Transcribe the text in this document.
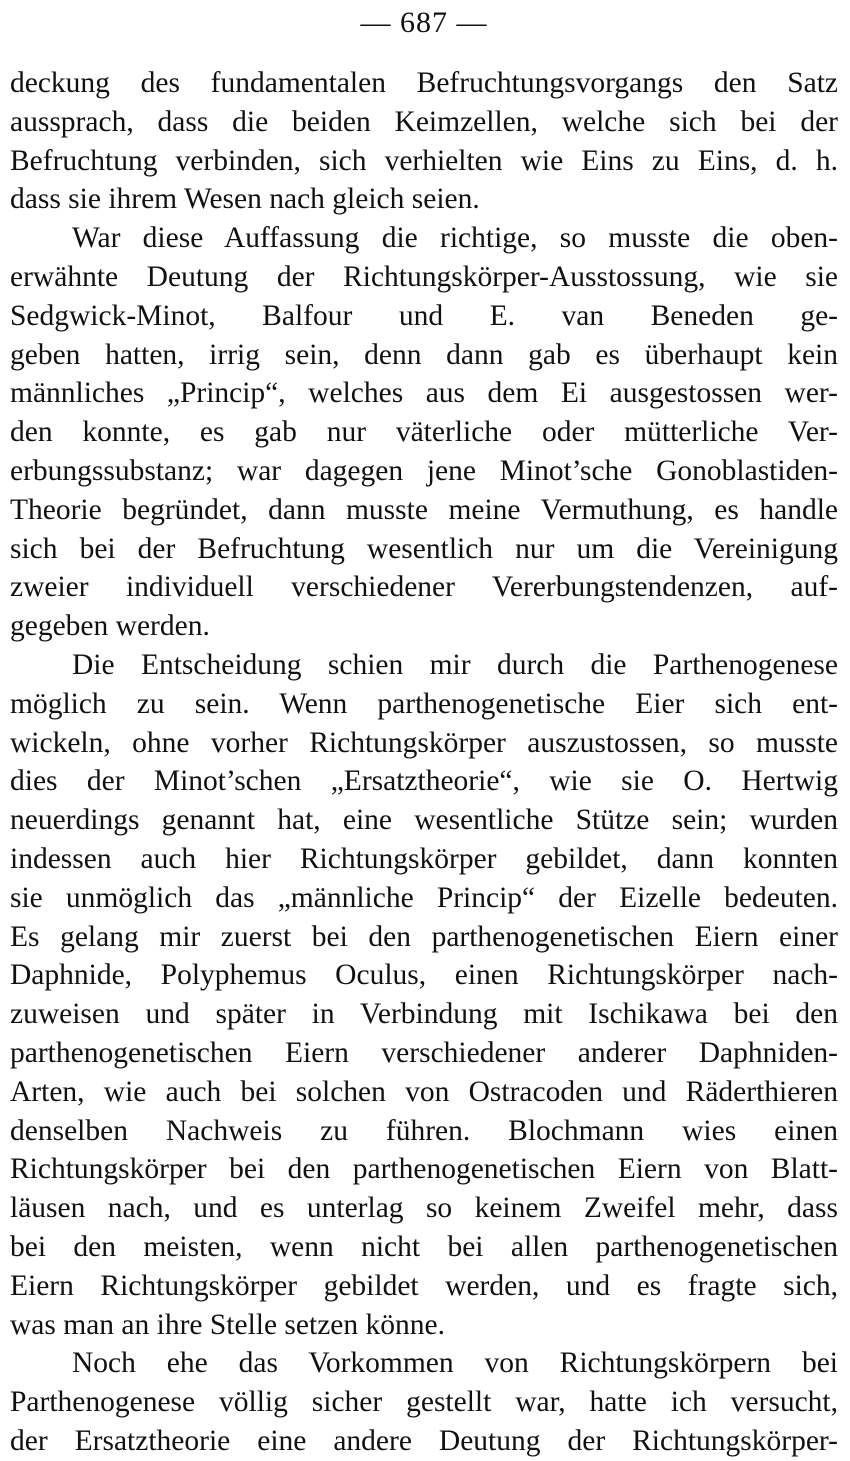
— 687 —
deckung des fundamentalen Befruchtungsvorgangs den Satz
aussprach, dass die beiden Keimzellen, welche sich bei der
Befruchtung verbinden, sich verhielten wie Eins zu Eins, d. h.
dass sie ihrem Wesen nach gleich seien.
War diese Auffassung die richtige, so musste die oben-
erwähnte Deutung der Richtungskörper-Ausstossung, wie sie
Sedgwick-Minot, Balfour und E. van Beneden ge-
geben hatten, irrig sein, denn dann gab es überhaupt kein
männliches „Princip“, welches aus dem Ei ausgestossen wer-
den konnte, es gab nur väterliche oder mütterliche Ver-
erbungssubstanz; war dagegen jene Minot’sche Gonoblastiden-
Theorie begründet, dann musste meine Vermuthung, es handle
sich bei der Befruchtung wesentlich nur um die Vereinigung
zweier individuell verschiedener Vererbungstendenzen, auf-
gegeben werden.
Die Entscheidung schien mir durch die Parthenogenese
möglich zu sein. Wenn parthenogenetische Eier sich ent-
wickeln, ohne vorher Richtungskörper auszustossen, so musste
dies der Minot’schen „Ersatztheorie“, wie sie O. Hertwig
neuerdings genannt hat, eine wesentliche Stütze sein; wurden
indessen auch hier Richtungskörper gebildet, dann konnten
sie unmöglich das „männliche Princip“ der Eizelle bedeuten.
Es gelang mir zuerst bei den parthenogenetischen Eiern einer
Daphnide, Polyphemus Oculus, einen Richtungskörper nach-
zuweisen und später in Verbindung mit Ischikawa bei den
parthenogenetischen Eiern verschiedener anderer Daphniden-
Arten, wie auch bei solchen von Ostracoden und Räderthieren
denselben Nachweis zu führen. Blochmann wies einen
Richtungskörper bei den parthenogenetischen Eiern von Blatt-
läusen nach, und es unterlag so keinem Zweifel mehr, dass
bei den meisten, wenn nicht bei allen parthenogenetischen
Eiern Richtungskörper gebildet werden, und es fragte sich,
was man an ihre Stelle setzen könne.
Noch ehe das Vorkommen von Richtungskörpern bei
Parthenogenese völlig sicher gestellt war, hatte ich versucht,
der Ersatztheorie eine andere Deutung der Richtungskörper-
